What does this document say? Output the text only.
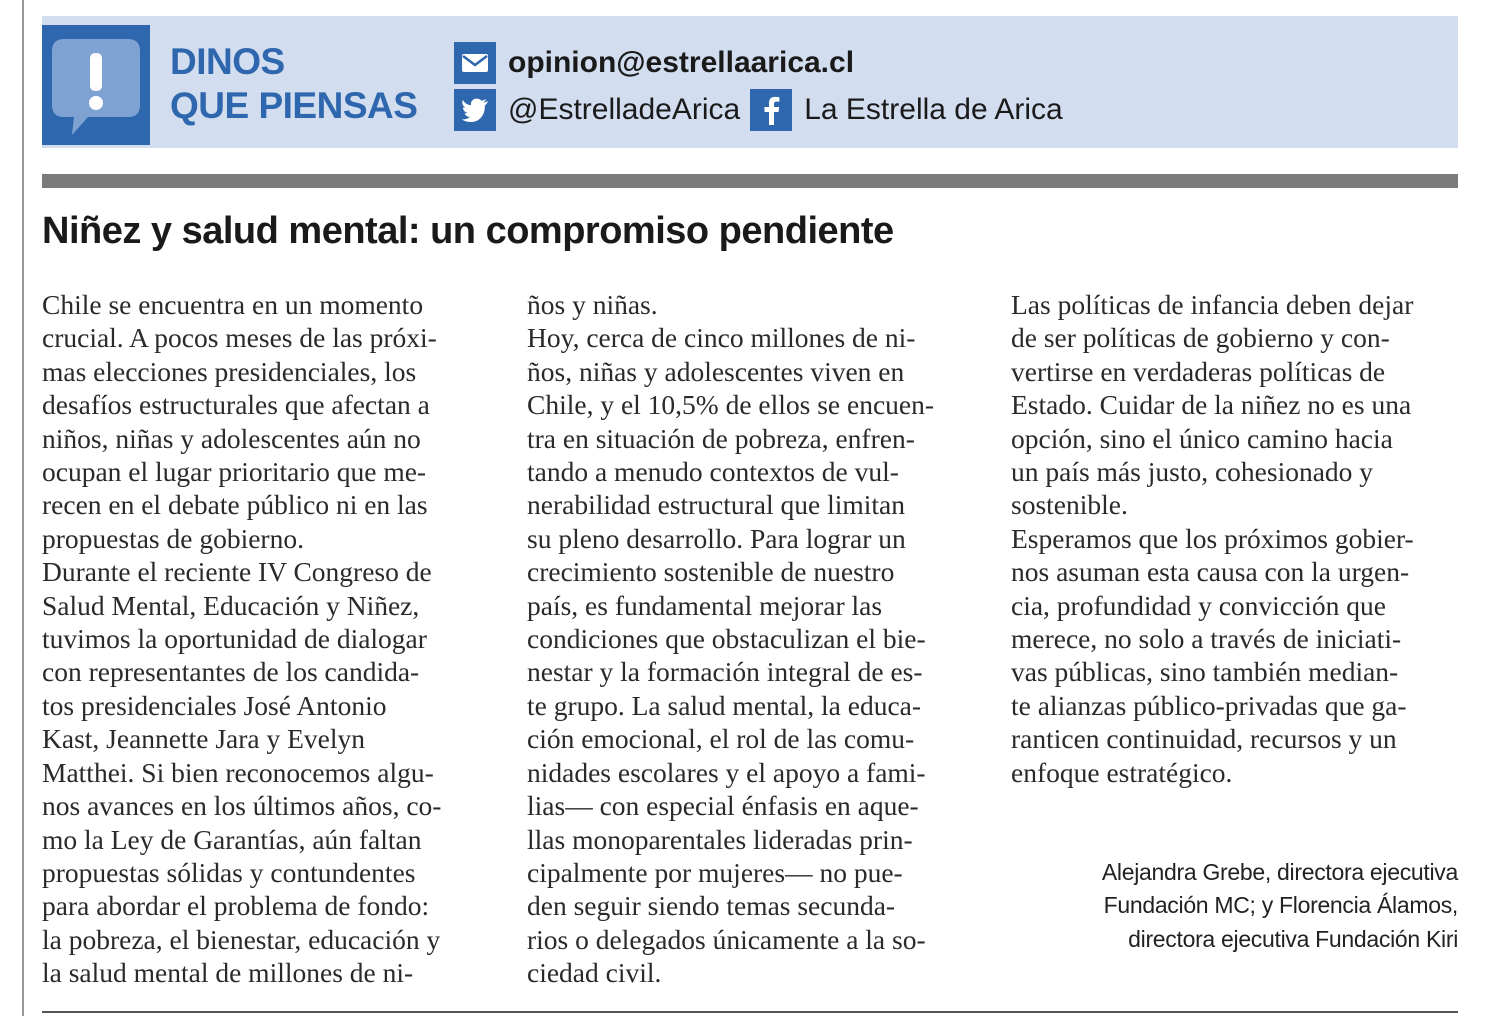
DINOS
QUE PIENSAS
opinion@estrellaarica.cl
@EstrelladeArica La Estrella de Arica
Niñez y salud mental: un compromiso pendiente
Chile se encuentra en un momento
crucial. A pocos meses de las próxi-
mas elecciones presidenciales, los
desafíos estructurales que afectan a
niños, niñas y adolescentes aún no
ocupan el lugar prioritario que me-
recen en el debate público ni en las
propuestas de gobierno.
Durante el reciente IV Congreso de
Salud Mental, Educación y Niñez,
tuvimos la oportunidad de dialogar
con representantes de los candida-
tos presidenciales José Antonio
Kast, Jeannette Jara y Evelyn
Matthei. Si bien reconocemos algu-
nos avances en los últimos años, co-
mo la Ley de Garantías, aún faltan
propuestas sólidas y contundentes
para abordar el problema de fondo:
la pobreza, el bienestar, educación y
la salud mental de millones de ni-
ños y niñas.
Hoy, cerca de cinco millones de ni-
ños, niñas y adolescentes viven en
Chile, y el 10,5% de ellos se encuen-
tra en situación de pobreza, enfren-
tando a menudo contextos de vul-
nerabilidad estructural que limitan
su pleno desarrollo. Para lograr un
crecimiento sostenible de nuestro
país, es fundamental mejorar las
condiciones que obstaculizan el bie-
nestar y la formación integral de es-
te grupo. La salud mental, la educa-
ción emocional, el rol de las comu-
nidades escolares y el apoyo a fami-
lias— con especial énfasis en aque-
llas monoparentales lideradas prin-
cipalmente por mujeres— no pue-
den seguir siendo temas secunda-
rios o delegados únicamente a la so-
ciedad civil.
Las políticas de infancia deben dejar
de ser políticas de gobierno y con-
vertirse en verdaderas políticas de
Estado. Cuidar de la niñez no es una
opción, sino el único camino hacia
un país más justo, cohesionado y
sostenible.
Esperamos que los próximos gobier-
nos asuman esta causa con la urgen-
cia, profundidad y convicción que
merece, no solo a través de iniciati-
vas públicas, sino también median-
te alianzas público-privadas que ga-
ranticen continuidad, recursos y un
enfoque estratégico.
Alejandra Grebe, directora ejecutiva
Fundación MC; y Florencia Álamos,
directora ejecutiva Fundación Kiri
